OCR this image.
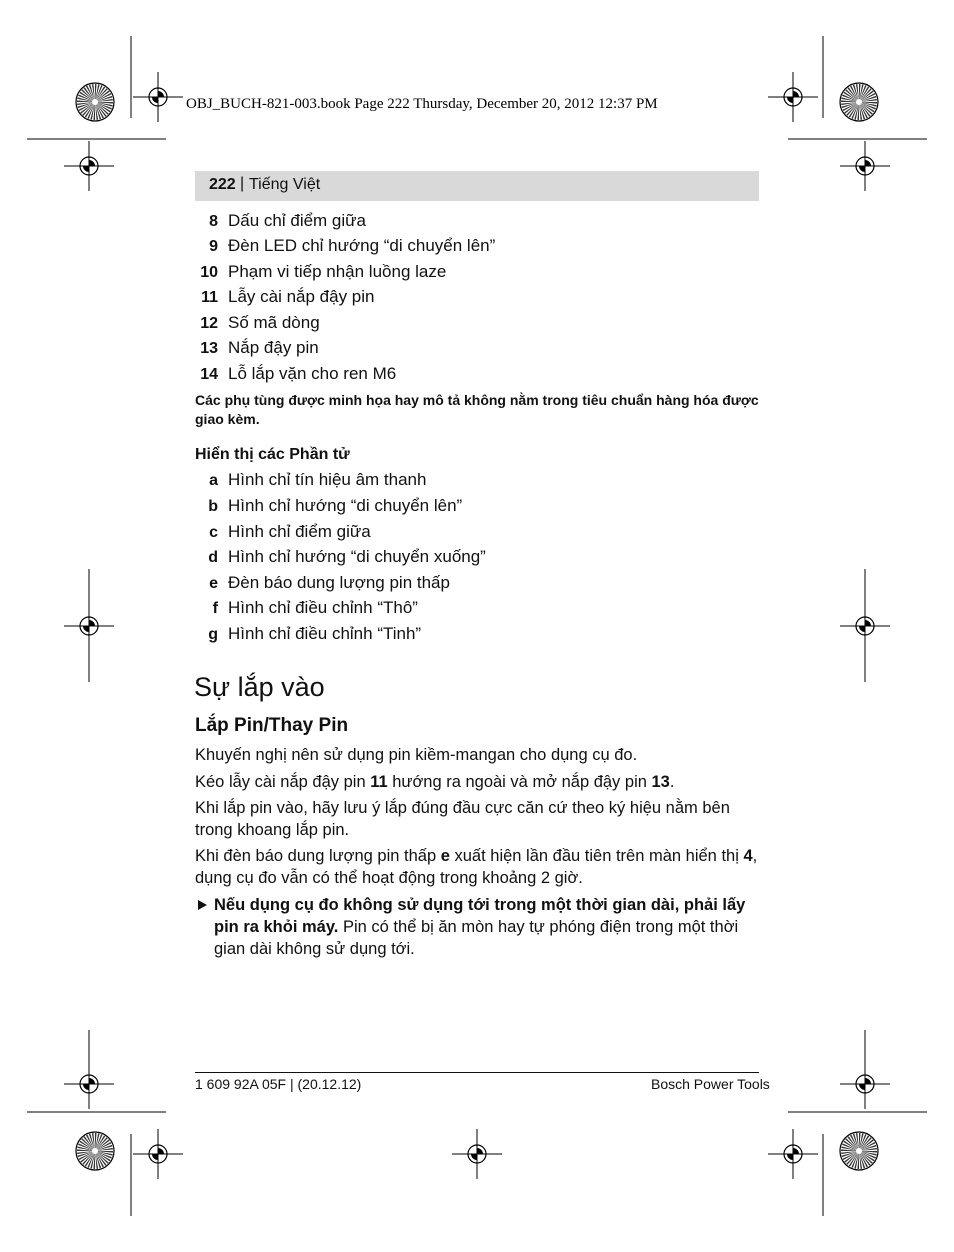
OBJ_BUCH-821-003.book Page 222 Thursday, December 20, 2012 12:37 PM
222 | Tiếng Việt
8 Dấu chỉ điểm giữa
9 Đèn LED chỉ hướng “di chuyển lên”
10 Phạm vi tiếp nhận luồng laze
11 Lẫy cài nắp đậy pin
12 Số mã dòng
13 Nắp đậy pin
14 Lỗ lắp vặn cho ren M6
Các phụ tùng được minh họa hay mô tả không nằm trong tiêu chuẩn hàng hóa được giao kèm.
Hiển thị các Phần tử
a Hình chỉ tín hiệu âm thanh
b Hình chỉ hướng “di chuyển lên”
c Hình chỉ điểm giữa
d Hình chỉ hướng “di chuyển xuống”
e Đèn báo dung lượng pin thấp
f Hình chỉ điều chỉnh “Thô”
g Hình chỉ điều chỉnh “Tinh”
Sự lắp vào
Lắp Pin/Thay Pin
Khuyến nghị nên sử dụng pin kiềm-mangan cho dụng cụ đo.
Kéo lẫy cài nắp đậy pin 11 hướng ra ngoài và mở nắp đậy pin 13.
Khi lắp pin vào, hãy lưu ý lắp đúng đầu cực căn cứ theo ký hiệu nằm bên trong khoang lắp pin.
Khi đèn báo dung lượng pin thấp e xuất hiện lần đầu tiên trên màn hiển thị 4, dụng cụ đo vẫn có thể hoạt động trong khoảng 2 giờ.
Nếu dụng cụ đo không sử dụng tới trong một thời gian dài, phải lấy pin ra khỏi máy. Pin có thể bị ăn mòn hay tự phóng điện trong một thời gian dài không sử dụng tới.
1 609 92A 05F | (20.12.12)	Bosch Power Tools
